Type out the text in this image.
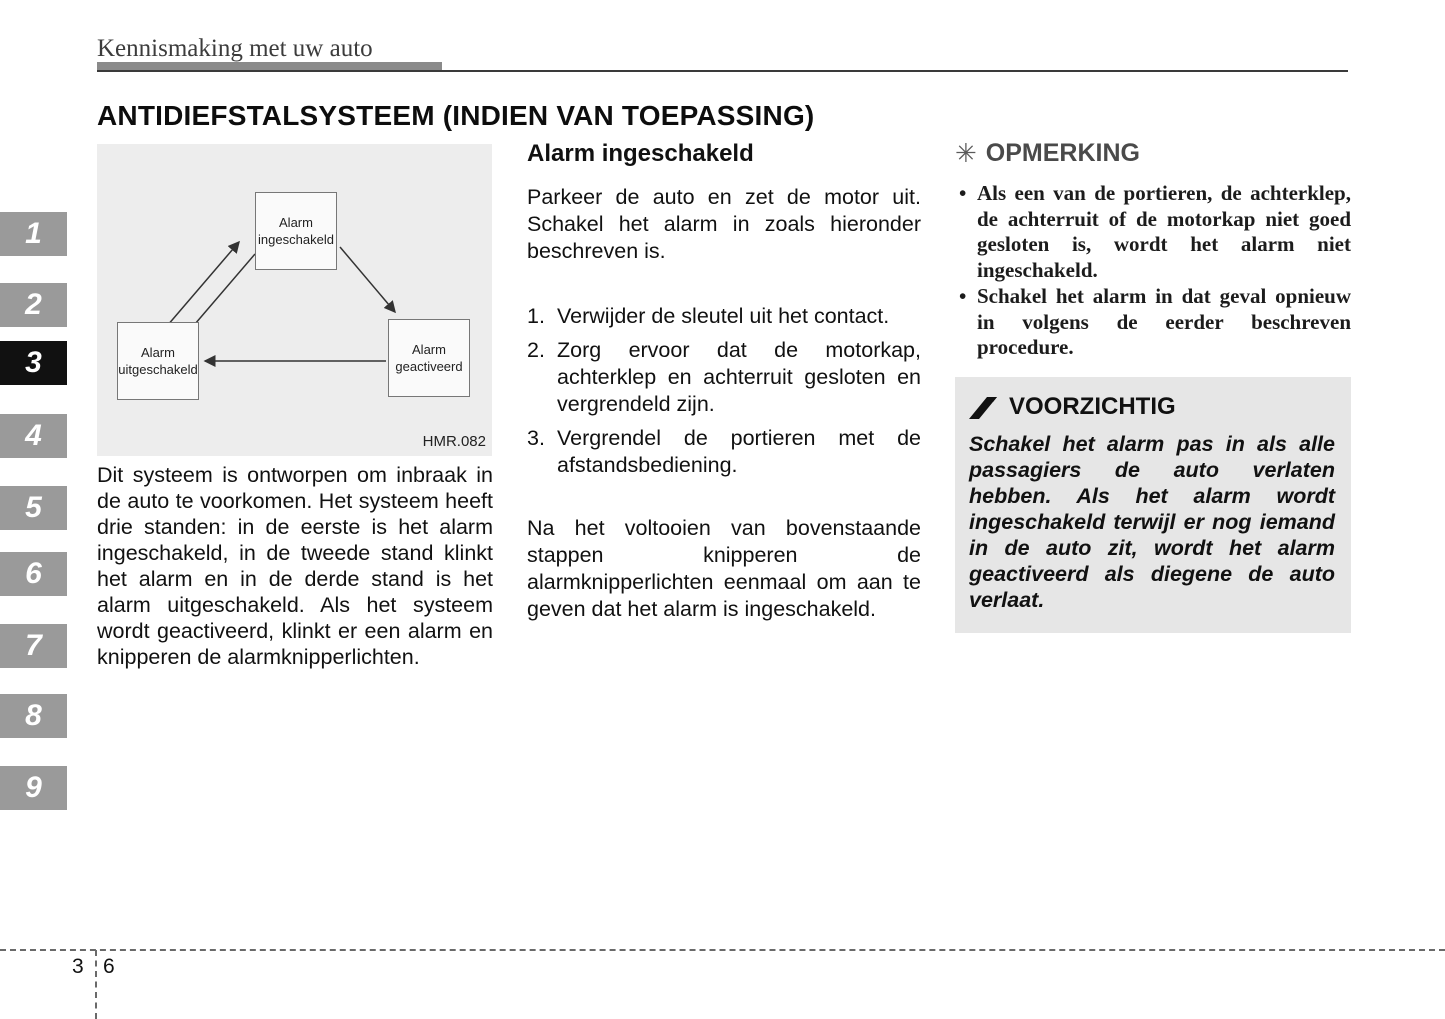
Kennismaking met uw auto
1
2
3
4
5
6
7
8
9
ANTIDIEFSTALSYSTEEM (INDIEN VAN TOEPASSING)
Alarm ingeschakeld
Alarm uitgeschakeld
Alarm geactiveerd
HMR.082
Dit systeem is ontworpen om inbraak in de auto te voorkomen. Het systeem heeft drie standen: in de eerste is het alarm ingeschakeld, in de tweede stand klinkt het alarm en in de derde stand is het alarm uitgeschakeld. Als het systeem wordt geactiveerd, klinkt er een alarm en knipperen de alarmknipperlichten.
Alarm ingeschakeld
Parkeer de auto en zet de motor uit. Schakel het alarm in zoals hieronder beschreven is.
1. Verwijder de sleutel uit het contact.
2. Zorg ervoor dat de motorkap, achterklep en achterruit gesloten en vergrendeld zijn.
3. Vergrendel de portieren met de afstandsbediening.
Na het voltooien van bovenstaande stappen knipperen de alarmknipperlichten eenmaal om aan te geven dat het alarm is ingeschakeld.
✳ OPMERKING
• Als een van de portieren, de achterklep, de achterruit of de motorkap niet goed gesloten is, wordt het alarm niet ingeschakeld.
• Schakel het alarm in dat geval opnieuw in volgens de eerder beschreven procedure.
VOORZICHTIG
Schakel het alarm pas in als alle passagiers de auto verlaten hebben. Als het alarm wordt ingeschakeld terwijl er nog iemand in de auto zit, wordt het alarm geactiveerd als diegene de auto verlaat.
3 6
